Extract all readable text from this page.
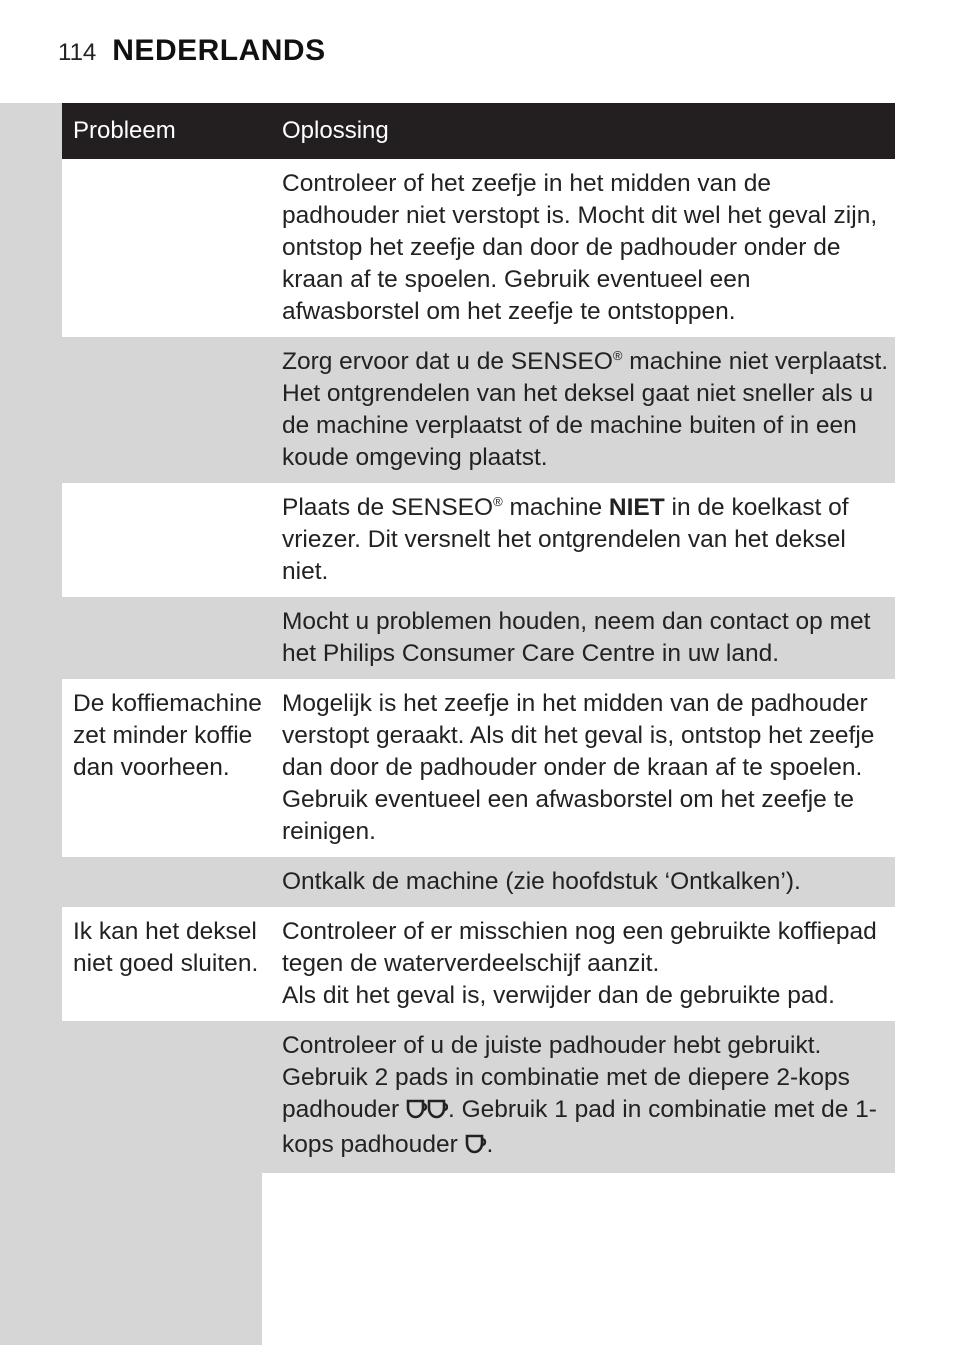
114 NEDERLANDS
Probleem	Oplossing
	Controleer of het zeefje in het midden van de padhouder niet verstopt is. Mocht dit wel het geval zijn, ontstop het zeefje dan door de padhouder onder de kraan af te spoelen. Gebruik eventueel een afwasborstel om het zeefje te ontstoppen.
	Zorg ervoor dat u de SENSEO® machine niet verplaatst. Het ontgrendelen van het deksel gaat niet sneller als u de machine verplaatst of de machine buiten of in een koude omgeving plaatst.
	Plaats de SENSEO® machine NIET in de koelkast of vriezer. Dit versnelt het ontgrendelen van het deksel niet.
	Mocht u problemen houden, neem dan contact op met het Philips Consumer Care Centre in uw land.
De koffiemachine zet minder koffie dan voorheen.	Mogelijk is het zeefje in het midden van de padhouder verstopt geraakt. Als dit het geval is, ontstop het zeefje dan door de padhouder onder de kraan af te spoelen. Gebruik eventueel een afwasborstel om het zeefje te reinigen.
	Ontkalk de machine (zie hoofdstuk ‘Ontkalken’).
Ik kan het deksel niet goed sluiten.	Controleer of er misschien nog een gebruikte koffiepad tegen de waterverdeelschijf aanzit.
Als dit het geval is, verwijder dan de gebruikte pad.
	Controleer of u de juiste padhouder hebt gebruikt. Gebruik 2 pads in combinatie met de diepere 2-kops padhouder . Gebruik 1 pad in combinatie met de 1-kops padhouder .
